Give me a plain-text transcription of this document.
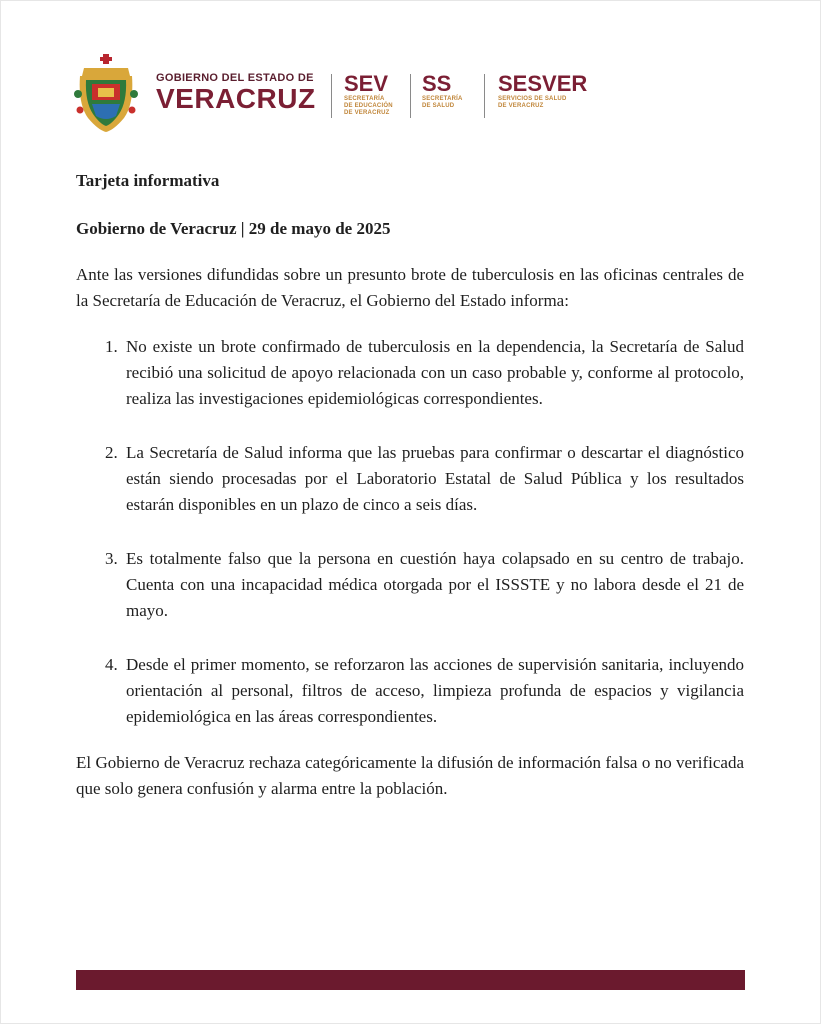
GOBIERNO DEL ESTADO DE
VERACRUZ SEV
SECRETARÍA
DE EDUCACIÓN
DE VERACRUZ
SS
SECRETARÍA
DE SALUD
SESVER
SERVICIOS DE SALUD
DE VERACRUZ

Tarjeta informativa

Gobierno de Veracruz | 29 de mayo de 2025

Ante las versiones difundidas sobre un presunto brote de tuberculosis en las oficinas centrales de la Secretaría de Educación de Veracruz, el Gobierno del Estado informa:

1. No existe un brote confirmado de tuberculosis en la dependencia, la Secretaría de Salud recibió una solicitud de apoyo relacionada con un caso probable y, conforme al protocolo, realiza las investigaciones epidemiológicas correspondientes.
2. La Secretaría de Salud informa que las pruebas para confirmar o descartar el diagnóstico están siendo procesadas por el Laboratorio Estatal de Salud Pública y los resultados estarán disponibles en un plazo de cinco a seis días.
3. Es totalmente falso que la persona en cuestión haya colapsado en su centro de trabajo. Cuenta con una incapacidad médica otorgada por el ISSSTE y no labora desde el 21 de mayo.
4. Desde el primer momento, se reforzaron las acciones de supervisión sanitaria, incluyendo orientación al personal, filtros de acceso, limpieza profunda de espacios y vigilancia epidemiológica en las áreas correspondientes.

El Gobierno de Veracruz rechaza categóricamente la difusión de información falsa o no verificada que solo genera confusión y alarma entre la población.
